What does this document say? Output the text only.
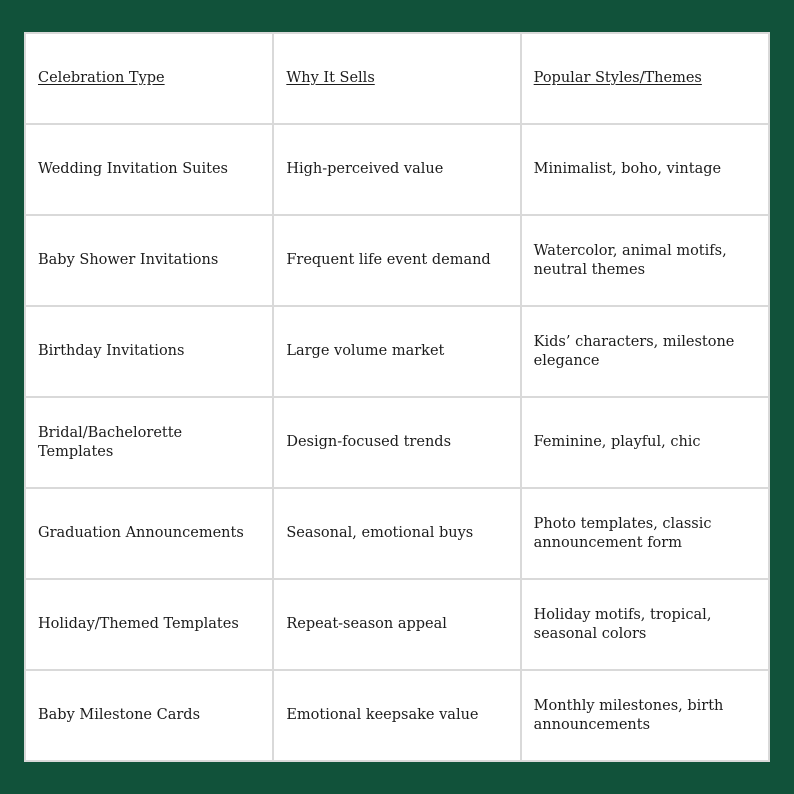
Celebration Type	Why It Sells	Popular Styles/Themes
Wedding Invitation Suites	High-perceived value	Minimalist, boho, vintage
Baby Shower Invitations	Frequent life event demand	Watercolor, animal motifs, neutral themes
Birthday Invitations	Large volume market	Kids’ characters, milestone elegance
Bridal/Bachelorette Templates	Design-focused trends	Feminine, playful, chic
Graduation Announcements	Seasonal, emotional buys	Photo templates, classic announcement form
Holiday/Themed Templates	Repeat-season appeal	Holiday motifs, tropical, seasonal colors
Baby Milestone Cards	Emotional keepsake value	Monthly milestones, birth announcements
